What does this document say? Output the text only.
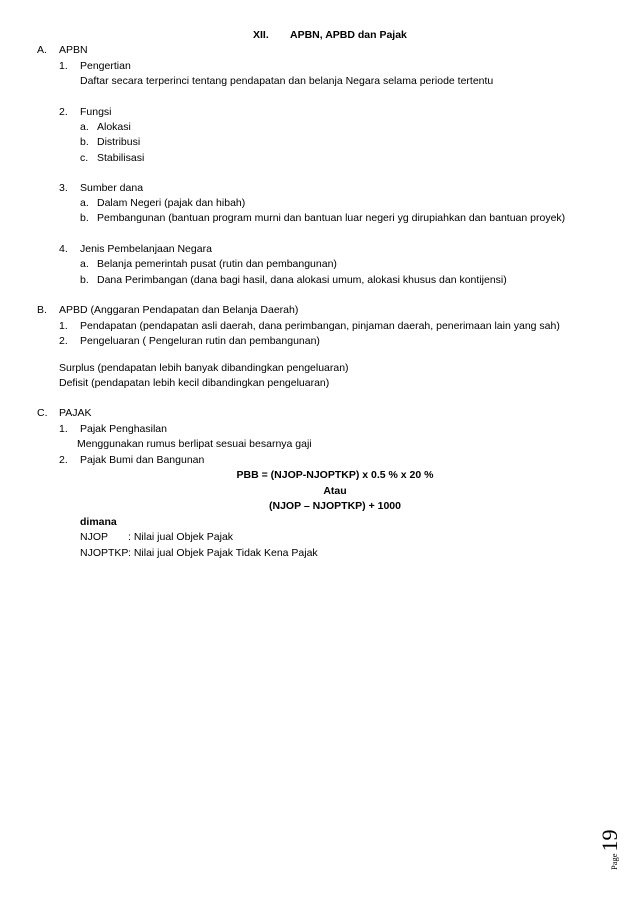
XII. APBN, APBD dan Pajak
A. APBN
1. Pengertian
Daftar secara terperinci tentang pendapatan dan belanja Negara selama periode tertentu
2. Fungsi
a. Alokasi
b. Distribusi
c. Stabilisasi
3. Sumber dana
a. Dalam Negeri (pajak dan hibah)
b. Pembangunan (bantuan program murni dan bantuan luar negeri yg dirupiahkan dan bantuan proyek)
4. Jenis Pembelanjaan Negara
a. Belanja pemerintah pusat (rutin dan pembangunan)
b. Dana Perimbangan (dana bagi hasil, dana alokasi umum, alokasi khusus dan kontijensi)
B. APBD (Anggaran Pendapatan dan Belanja Daerah)
1. Pendapatan (pendapatan asli daerah, dana perimbangan, pinjaman daerah, penerimaan lain yang sah)
2. Pengeluaran ( Pengeluran rutin dan pembangunan)
Surplus (pendapatan lebih banyak dibandingkan pengeluaran)
Defisit (pendapatan lebih kecil dibandingkan pengeluaran)
C. PAJAK
1. Pajak Penghasilan
Menggunakan rumus berlipat sesuai besarnya gaji
2. Pajak Bumi dan Bangunan
PBB = (NJOP-NJOPTKP) x 0.5 % x 20 %
Atau
(NJOP – NJOPTKP) + 1000
dimana
NJOP : Nilai jual Objek Pajak
NJOPTKP : Nilai jual Objek Pajak Tidak Kena Pajak
Page
19
